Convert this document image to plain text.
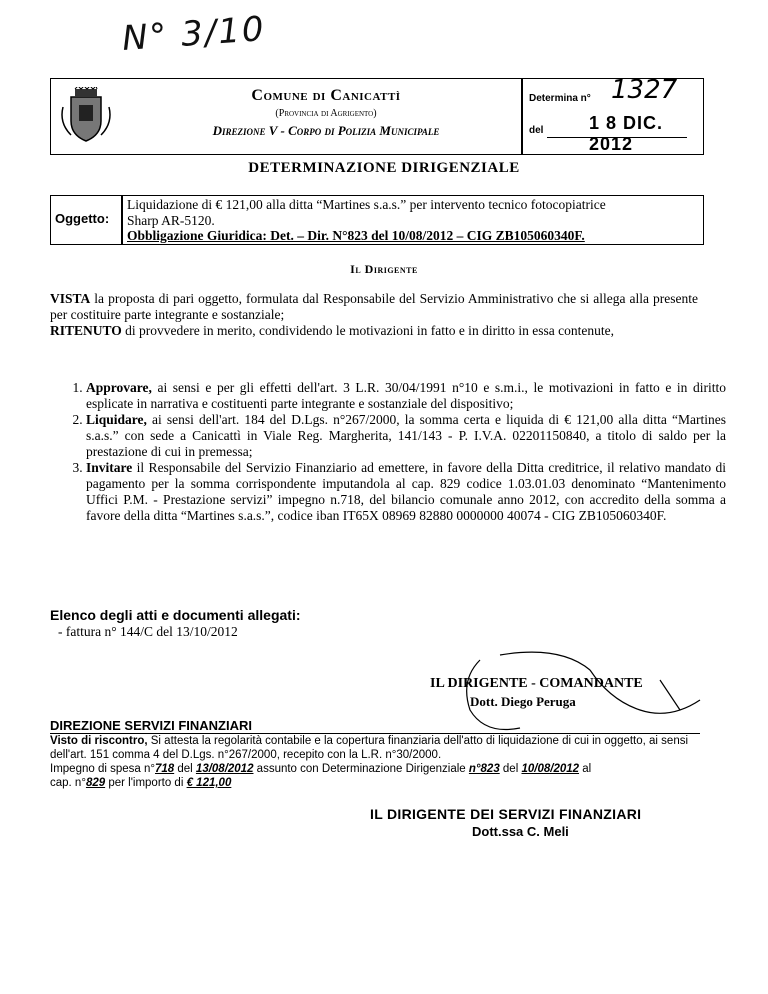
N° 3/10
Comune di Canicattì
(Provincia di Agrigento)
Direzione V - Corpo di Polizia Municipale
Determina n° 1327
del	1 8 DIC. 2012
DETERMINAZIONE DIRIGENZIALE
Oggetto:
Liquidazione di € 121,00 alla ditta “Martines s.a.s.” per intervento tecnico fotocopiatrice
Sharp AR-5120.
Obbligazione Giuridica: Det. – Dir. N°823 del 10/08/2012 – CIG ZB105060340F.
Il Dirigente
VISTA la proposta di pari oggetto, formulata dal Responsabile del Servizio Amministrativo che si allega alla presente per costituire parte integrante e sostanziale;
RITENUTO di provvedere in merito, condividendo le motivazioni in fatto e in diritto in essa contenute,
1. Approvare, ai sensi e per gli effetti dell'art. 3 L.R. 30/04/1991 n°10 e s.m.i., le motivazioni in fatto e in diritto esplicate in narrativa e costituenti parte integrante e sostanziale del dispositivo;
2. Liquidare, ai sensi dell'art. 184 del D.Lgs. n°267/2000, la somma certa e liquida di € 121,00 alla ditta “Martines s.a.s.” con sede a Canicattì in Viale Reg. Margherita, 141/143 - P. I.V.A. 02201150840, a titolo di saldo per la prestazione di cui in premessa;
3. Invitare il Responsabile del Servizio Finanziario ad emettere, in favore della Ditta creditrice, il relativo mandato di pagamento per la somma corrispondente imputandola al cap. 829 codice 1.03.01.03 denominato “Mantenimento Uffici P.M. - Prestazione servizi” impegno n.718, del bilancio comunale anno 2012, con accredito della somma a favore della ditta “Martines s.a.s.”, codice iban IT65X 08969 82880 0000000 40074 - CIG ZB105060340F.
Elenco degli atti e documenti allegati:
- fattura n° 144/C del 13/10/2012
IL DIRIGENTE - COMANDANTE
Dott. Diego Peruga
DIREZIONE SERVIZI FINANZIARI
Visto di riscontro, Si attesta la regolarità contabile e la copertura finanziaria dell'atto di liquidazione di cui in oggetto, ai sensi dell'art. 151 comma 4 del D.Lgs. n°267/2000, recepito con la L.R. n°30/2000.
Impegno di spesa n°718 del 13/08/2012 assunto con Determinazione Dirigenziale n°823 del 10/08/2012 al
cap. n°829 per l'importo di € 121,00
IL DIRIGENTE DEI SERVIZI FINANZIARI
Dott.ssa C. Meli
